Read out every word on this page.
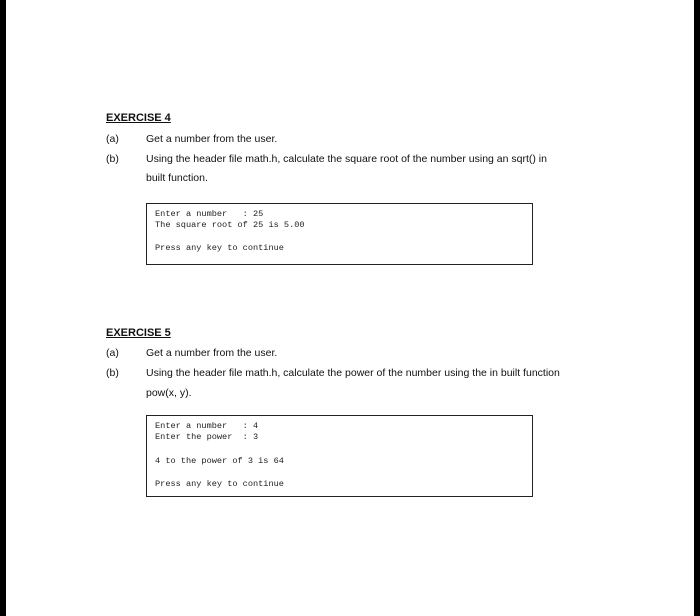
EXERCISE 4
(a)	Get a number from the user.
(b)	Using the header file math.h, calculate the square root of the number using an sqrt() in
built function.
Enter a number   : 25
The square root of 25 is 5.00
Press any key to continue
EXERCISE 5
(a)	Get a number from the user.
(b)	Using the header file math.h, calculate the power of the number using the in built function
pow(x, y).
Enter a number   : 4
Enter the power  : 3
4 to the power of 3 is 64
Press any key to continue
